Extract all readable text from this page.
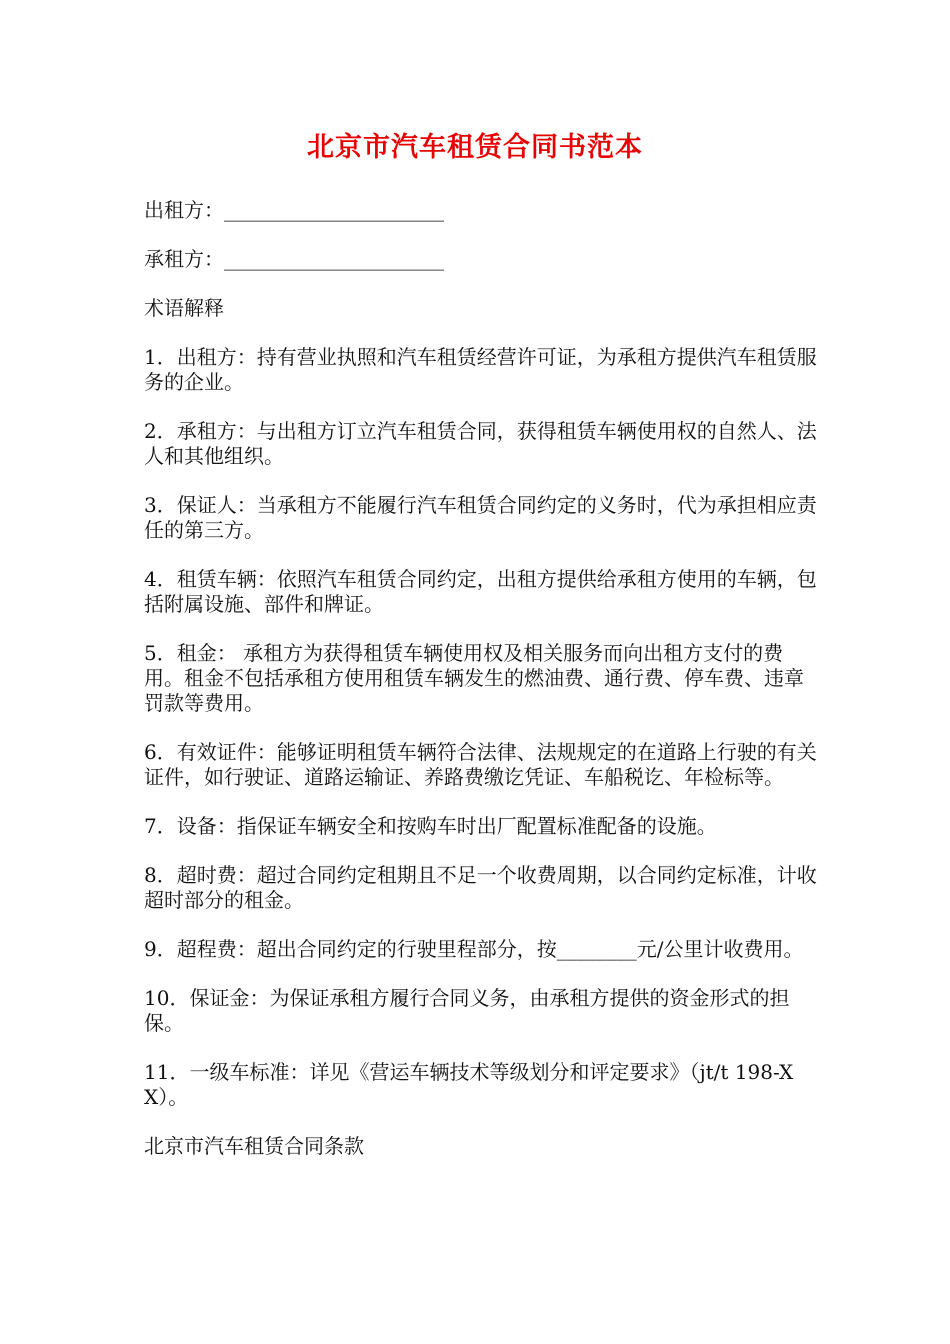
北京市汽车租赁合同书范本

出租方：______________________

承租方：______________________

术语解释

1．出租方：持有营业执照和汽车租赁经营许可证，为承租方提供汽车租赁服务的企业。

2．承租方：与出租方订立汽车租赁合同，获得租赁车辆使用权的自然人、法人和其他组织。

3．保证人：当承租方不能履行汽车租赁合同约定的义务时，代为承担相应责任的第三方。

4．租赁车辆：依照汽车租赁合同约定，出租方提供给承租方使用的车辆，包括附属设施、部件和牌证。

5．租金： 承租方为获得租赁车辆使用权及相关服务而向出租方支付的费用。租金不包括承租方使用租赁车辆发生的燃油费、通行费、停车费、违章罚款等费用。

6．有效证件：能够证明租赁车辆符合法律、法规规定的在道路上行驶的有关证件，如行驶证、道路运输证、养路费缴讫凭证、车船税讫、年检标等。

7．设备：指保证车辆安全和按购车时出厂配置标准配备的设施。

8．超时费：超过合同约定租期且不足一个收费周期，以合同约定标准，计收超时部分的租金。

9．超程费：超出合同约定的行驶里程部分，按________元/公里计收费用。

10．保证金：为保证承租方履行合同义务，由承租方提供的资金形式的担保。

11．一级车标准：详见《营运车辆技术等级划分和评定要求》（jt/t 198-XX）。

北京市汽车租赁合同条款
